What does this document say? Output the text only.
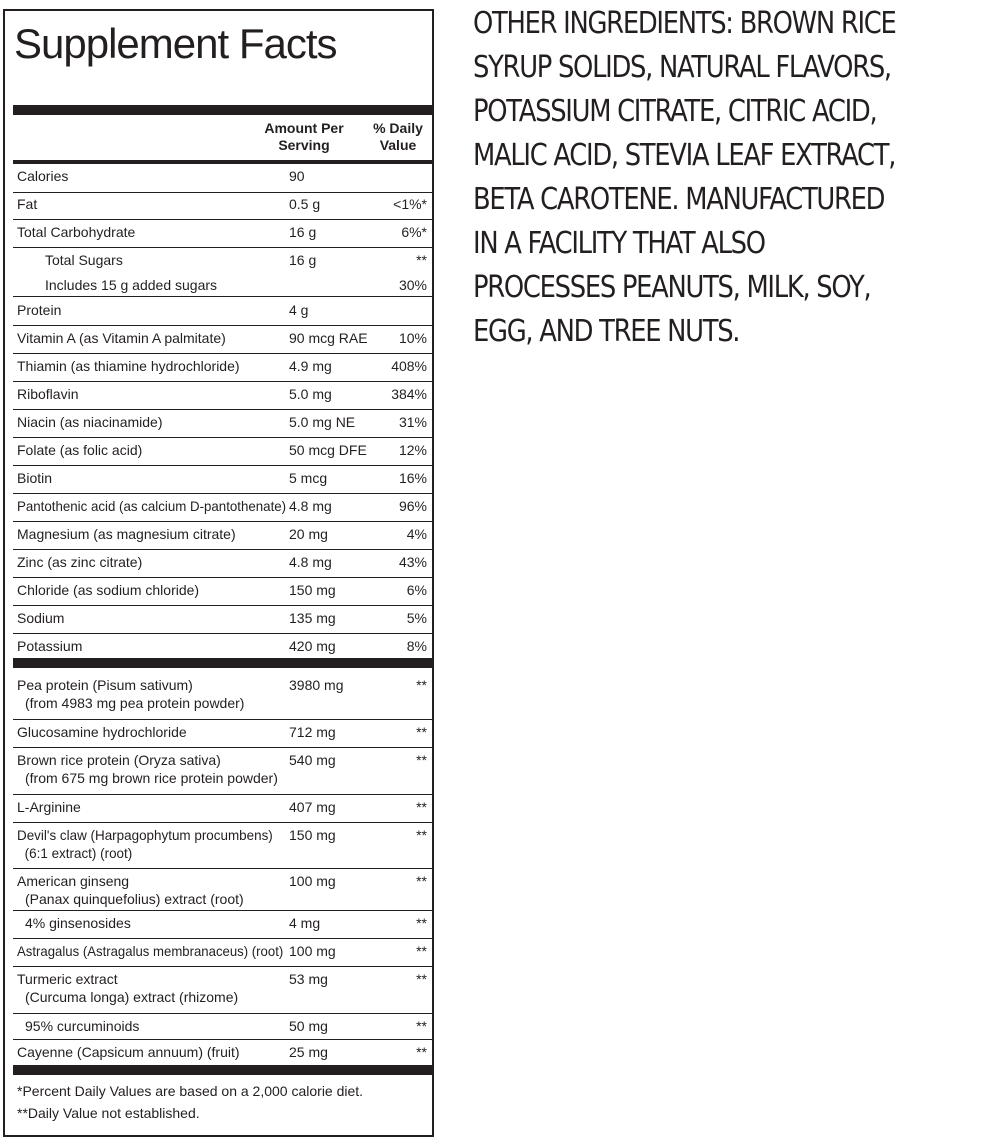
Supplement Facts
Amount Per Serving
% Daily Value
Calories	90
Fat	0.5 g	<1%*
Total Carbohydrate	16 g	6%*
Total Sugars	16 g	**
Includes 15 g added sugars	30%
Protein	4 g
Vitamin A (as Vitamin A palmitate)	90 mcg RAE 10%
Thiamin (as thiamine hydrochloride)	4.9 mg	408%
Riboflavin	5.0 mg	384%
Niacin (as niacinamide)	5.0 mg NE	31%
Folate (as folic acid)	50 mcg DFE 12%
Biotin	5 mcg	16%
Pantothenic acid (as calcium D-pantothenate) 4.8 mg	96%
Magnesium (as magnesium citrate)	20 mg	4%
Zinc (as zinc citrate)	4.8 mg	43%
Chloride (as sodium chloride)	150 mg	6%
Sodium	135 mg	5%
Potassium	420 mg	8%
Pea protein (Pisum sativum)
(from 4983 mg pea protein powder)
3980 mg	**
Glucosamine hydrochloride	712 mg	**
Brown rice protein (Oryza sativa)
(from 675 mg brown rice protein powder)
540 mg	**
L-Arginine	407 mg	**
Devil's claw (Harpagophytum procumbens)
(6:1 extract) (root)
150 mg	**
American ginseng
(Panax quinquefolius) extract (root)
100 mg	**
4% ginsenosides	4 mg	**
Astragalus (Astragalus membranaceus) (root) 100 mg	**
Turmeric extract
(Curcuma longa) extract (rhizome)
53 mg	**
95% curcuminoids	50 mg	**
Cayenne (Capsicum annuum) (fruit)	25 mg	**
*Percent Daily Values are based on a 2,000 calorie diet.
**Daily Value not established.
OTHER INGREDIENTS: BROWN RICE SYRUP SOLIDS, NATURAL FLAVORS, POTASSIUM CITRATE, CITRIC ACID, MALIC ACID, STEVIA LEAF EXTRACT, BETA CAROTENE. MANUFACTURED IN A FACILITY THAT ALSO PROCESSES PEANUTS, MILK, SOY, EGG, AND TREE NUTS.
